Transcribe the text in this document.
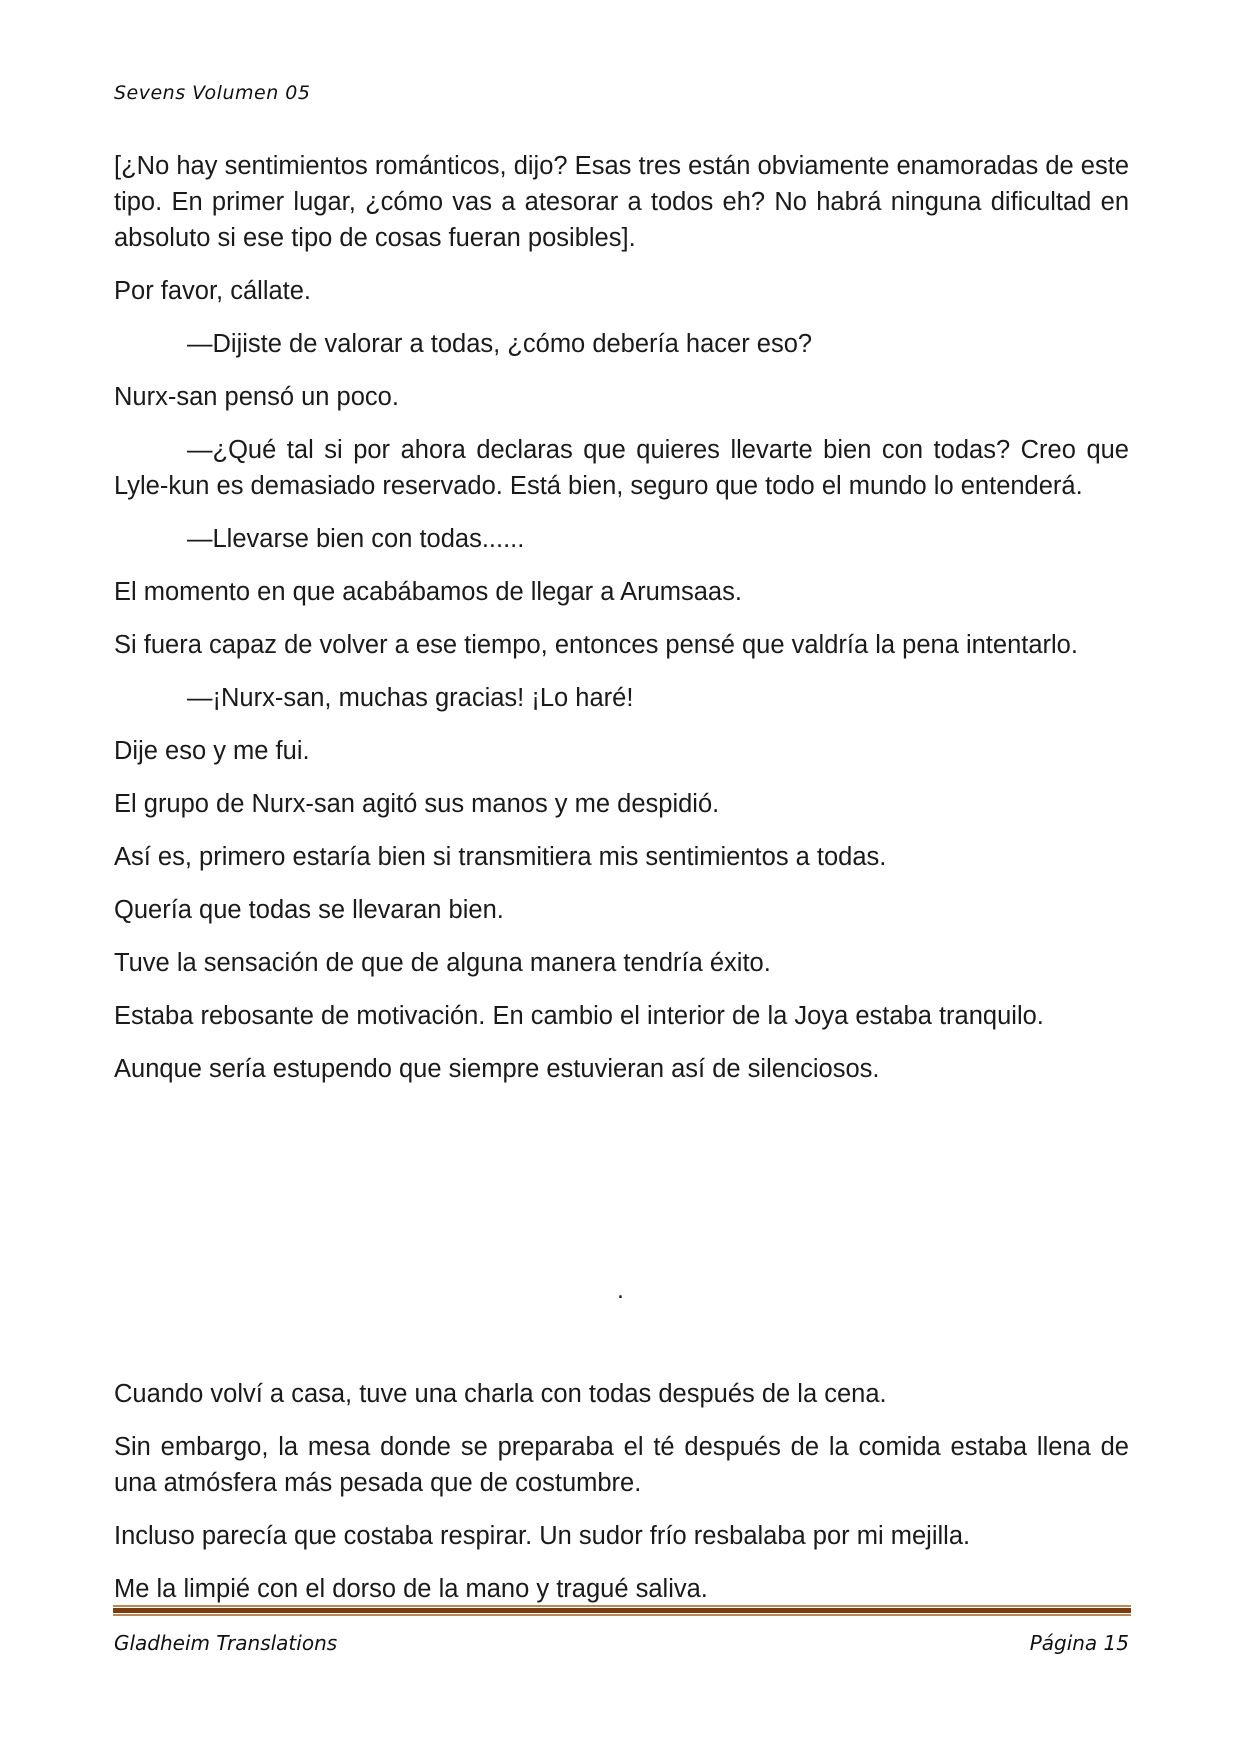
Sevens Volumen 05

[¿No hay sentimientos románticos, dijo? Esas tres están obviamente enamoradas de este tipo. En primer lugar, ¿cómo vas a atesorar a todos eh? No habrá ninguna dificultad en absoluto si ese tipo de cosas fueran posibles].

Por favor, cállate.

—Dijiste de valorar a todas, ¿cómo debería hacer eso?

Nurx-san pensó un poco.

—¿Qué tal si por ahora declaras que quieres llevarte bien con todas? Creo que Lyle-kun es demasiado reservado. Está bien, seguro que todo el mundo lo entenderá.

—Llevarse bien con todas......

El momento en que acabábamos de llegar a Arumsaas.

Si fuera capaz de volver a ese tiempo, entonces pensé que valdría la pena intentarlo.

—¡Nurx-san, muchas gracias! ¡Lo haré!

Dije eso y me fui.

El grupo de Nurx-san agitó sus manos y me despidió.

Así es, primero estaría bien si transmitiera mis sentimientos a todas.

Quería que todas se llevaran bien.

Tuve la sensación de que de alguna manera tendría éxito.

Estaba rebosante de motivación. En cambio el interior de la Joya estaba tranquilo.

Aunque sería estupendo que siempre estuvieran así de silenciosos.

.

Cuando volví a casa, tuve una charla con todas después de la cena.

Sin embargo, la mesa donde se preparaba el té después de la comida estaba llena de una atmósfera más pesada que de costumbre.

Incluso parecía que costaba respirar. Un sudor frío resbalaba por mi mejilla.

Me la limpié con el dorso de la mano y tragué saliva.

Gladheim Translations	Página 15
